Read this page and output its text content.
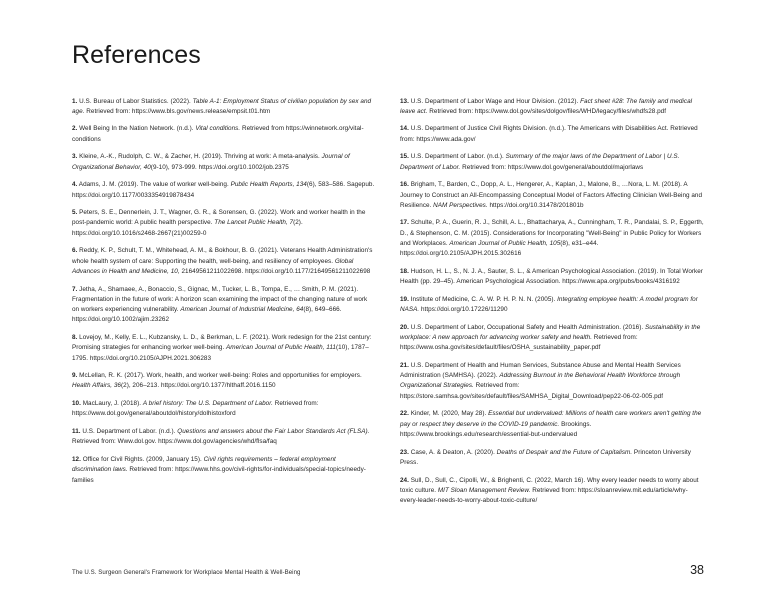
References

1. U.S. Bureau of Labor Statistics. (2022). Table A-1: Employment Status of civilian population by sex and age. Retrieved from: https://www.bls.gov/news.release/empsit.t01.htm

2. Well Being In the Nation Network. (n.d.). Vital conditions. Retrieved from https://winnetwork.org/vital-conditions

3. Kleine, A.-K., Rudolph, C. W., & Zacher, H. (2019). Thriving at work: A meta-analysis. Journal of Organizational Behavior, 40(9-10), 973-999. https://doi.org/10.1002/job.2375

4. Adams, J. M. (2019). The value of worker well-being. Public Health Reports, 134(6), 583–586. Sagepub. https://doi.org/10.1177/0033354919878434

5. Peters, S. E., Dennerlein, J. T., Wagner, G. R., & Sorensen, G. (2022). Work and worker health in the post-pandemic world: A public health perspective. The Lancet Public Health, 7(2). https://doi.org/10.1016/s2468-2667(21)00259-0

6. Reddy, K. P., Schult, T. M., Whitehead, A. M., & Bokhour, B. G. (2021). Veterans Health Administration's whole health system of care: Supporting the health, well-being, and resiliency of employees. Global Advances in Health and Medicine, 10, 21649561211022698. https://doi.org/10.1177/21649561211022698

7. Jetha, A., Shamaee, A., Bonaccio, S., Gignac, M., Tucker, L. B., Tompa, E., … Smith, P. M. (2021). Fragmentation in the future of work: A horizon scan examining the impact of the changing nature of work on workers experiencing vulnerability. American Journal of Industrial Medicine, 64(8), 649–666. https://doi.org/10.1002/ajim.23262

8. Lovejoy, M., Kelly, E. L., Kubzansky, L. D., & Berkman, L. F. (2021). Work redesign for the 21st century: Promising strategies for enhancing worker well-being. American Journal of Public Health, 111(10), 1787–1795. https://doi.org/10.2105/AJPH.2021.306283

9. McLellan, R. K. (2017). Work, health, and worker well-being: Roles and opportunities for employers. Health Affairs, 36(2), 206–213. https://doi.org/10.1377/hlthaff.2016.1150

10. MacLaury, J. (2018). A brief history: The U.S. Department of Labor. Retrieved from: https://www.dol.gov/general/aboutdol/history/dolhistoxford

11. U.S. Department of Labor. (n.d.). Questions and answers about the Fair Labor Standards Act (FLSA). Retrieved from: Www.dol.gov. https://www.dol.gov/agencies/whd/flsa/faq

12. Office for Civil Rights. (2009, January 15). Civil rights requirements – federal employment discrimination laws. Retrieved from: https://www.hhs.gov/civil-rights/for-individuals/special-topics/needy-families

13. U.S. Department of Labor Wage and Hour Division. (2012). Fact sheet #28: The family and medical leave act. Retrieved from: https://www.dol.gov/sites/dolgov/files/WHD/legacy/files/whdfs28.pdf

14. U.S. Department of Justice Civil Rights Division. (n.d.). The Americans with Disabilities Act. Retrieved from: https://www.ada.gov/

15. U.S. Department of Labor. (n.d.). Summary of the major laws of the Department of Labor | U.S. Department of Labor. Retrieved from: https://www.dol.gov/general/aboutdol/majorlaws

16. Brigham, T., Barden, C., Dopp, A. L., Hengerer, A., Kaplan, J., Malone, B., …Nora, L. M. (2018). A Journey to Construct an All-Encompassing Conceptual Model of Factors Affecting Clinician Well-Being and Resilience. NAM Perspectives. https://doi.org/10.31478/201801b

17. Schulte, P. A., Guerin, R. J., Schill, A. L., Bhattacharya, A., Cunningham, T. R., Pandalai, S. P., Eggerth, D., & Stephenson, C. M. (2015). Considerations for Incorporating "Well-Being" in Public Policy for Workers and Workplaces. American Journal of Public Health, 105(8), e31–e44. https://doi.org/10.2105/AJPH.2015.302616

18. Hudson, H. L., S., N. J. A., Sauter, S. L., & American Psychological Association. (2019). In Total Worker Health (pp. 29–45). American Psychological Association. https://www.apa.org/pubs/books/4316192

19. Institute of Medicine, C. A. W. P. H. P. N. N. (2005). Integrating employee health: A model program for NASA. https://doi.org/10.17226/11290

20. U.S. Department of Labor, Occupational Safety and Health Administration. (2016). Sustainability in the workplace: A new approach for advancing worker safety and health. Retrieved from: https://www.osha.gov/sites/default/files/OSHA_sustainability_paper.pdf

21. U.S. Department of Health and Human Services, Substance Abuse and Mental Health Services Administration (SAMHSA). (2022). Addressing Burnout in the Behavioral Health Workforce through Organizational Strategies. Retrieved from: https://store.samhsa.gov/sites/default/files/SAMHSA_Digital_Download/pep22-06-02-005.pdf

22. Kinder, M. (2020, May 28). Essential but undervalued: Millions of health care workers aren't getting the pay or respect they deserve in the COVID-19 pandemic. Brookings. https://www.brookings.edu/research/essential-but-undervalued

23. Case, A. & Deaton, A. (2020). Deaths of Despair and the Future of Capitalism. Princeton University Press.

24. Sull, D., Sull, C., Cipolli, W., & Brighenti, C. (2022, March 16). Why every leader needs to worry about toxic culture. MIT Sloan Management Review. Retrieved from: https://sloanreview.mit.edu/article/why-every-leader-needs-to-worry-about-toxic-culture/

The U.S. Surgeon General's Framework for Workplace Mental Health & Well-Being	38
